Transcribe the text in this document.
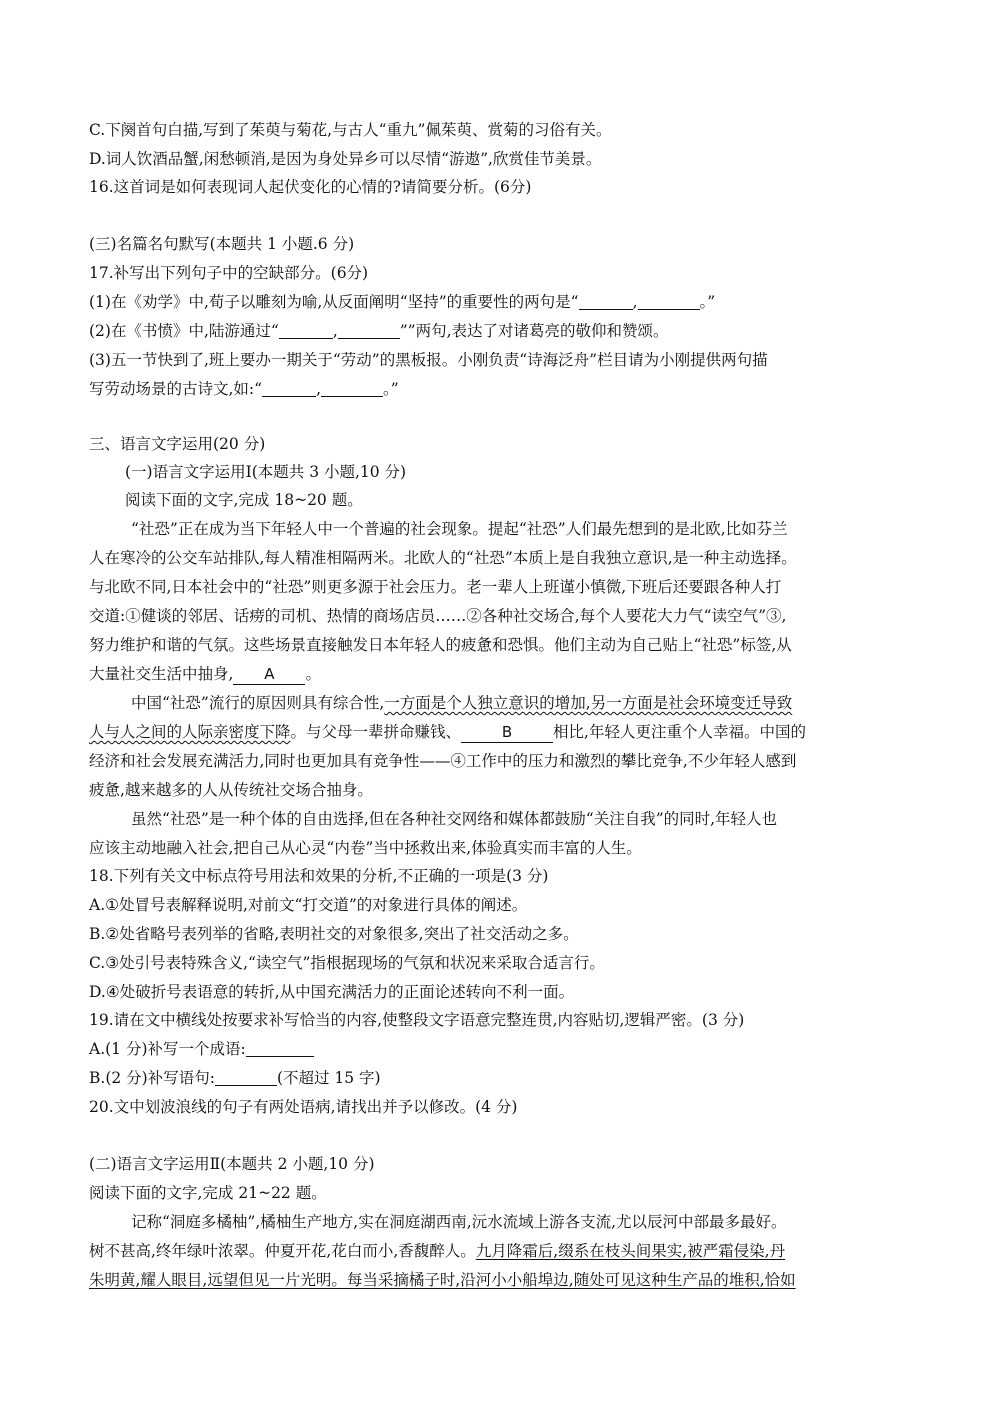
C.下阕首句白描,写到了茱萸与菊花,与古人“重九”佩茱萸、赏菊的习俗有关。
D.词人饮酒品蟹,闲愁顿消,是因为身处异乡可以尽情“游遨”,欣赏佳节美景。
16.这首词是如何表现词人起伏变化的心情的?请简要分析。(6分)
(三)名篇名句默写(本题共 1 小题.6 分)
17.补写出下列句子中的空缺部分。(6分)
(1)在《劝学》中,荀子以雕刻为喻,从反面阐明“坚持”的重要性的两句是“	,	。”
(2)在《书愤》中,陆游通过“	,	””两句,表达了对诸葛亮的敬仰和赞颂。
(3)五一节快到了,班上要办一期关于“劳动”的黑板报。小刚负责“诗海泛舟”栏目请为小刚提供两句描
写劳动场景的古诗文,如:“	,	。”
三、语言文字运用(20 分)
(一)语言文字运用Ⅰ(本题共 3 小题,10 分)
阅读下面的文字,完成 18~20 题。
“社恐”正在成为当下年轻人中一个普遍的社会现象。提起“社恐”人们最先想到的是北欧,比如芬兰
人在寒冷的公交车站排队,每人精准相隔两米。北欧人的“社恐”本质上是自我独立意识,是一种主动选择。
与北欧不同,日本社会中的“社恐”则更多源于社会压力。老一辈人上班谨小慎微,下班后还要跟各种人打
交道:①健谈的邻居、话痨的司机、热情的商场店员……②各种社交场合,每个人要花大力气“读空气”③,
努力维护和谐的气氛。这些场景直接触发日本年轻人的疲惫和恐惧。他们主动为自己贴上“社恐”标签,从
大量社交生活中抽身, A 。
中国“社恐”流行的原因则具有综合性,一方面是个人独立意识的增加,另一方面是社会环境变迁导致
人与人之间的人际亲密度下降。与父母一辈拼命赚钱、	B	相比,年轻人更注重个人幸福。中国的
经济和社会发展充满活力,同时也更加具有竞争性——④工作中的压力和激烈的攀比竞争,不少年轻人感到
疲惫,越来越多的人从传统社交场合抽身。
虽然“社恐”是一种个体的自由选择,但在各种社交网络和媒体都鼓励“关注自我”的同时,年轻人也
应该主动地融入社会,把自己从心灵“内卷”当中拯救出来,体验真实而丰富的人生。
18.下列有关文中标点符号用法和效果的分析,不正确的一项是(3 分)
A.①处冒号表解释说明,对前文“打交道”的对象进行具体的阐述。
B.②处省略号表列举的省略,表明社交的对象很多,突出了社交活动之多。
C.③处引号表特殊含义,“读空气”指根据现场的气氛和状况来采取合适言行。
D.④处破折号表语意的转折,从中国充满活力的正面论述转向不利一面。
19.请在文中横线处按要求补写恰当的内容,使整段文字语意完整连贯,内容贴切,逻辑严密。(3 分)
A.(1 分)补写一个成语:
B.(2 分)补写语句:	(不超过 15 字)
20.文中划波浪线的句子有两处语病,请找出并予以修改。(4 分)
(二)语言文字运用Ⅱ(本题共 2 小题,10 分)
阅读下面的文字,完成 21~22 题。
记称“洞庭多橘柚”,橘柚生产地方,实在洞庭湖西南,沅水流域上游各支流,尤以辰河中部最多最好。
树不甚高,终年绿叶浓翠。仲夏开花,花白而小,香馥醉人。九月降霜后,缀系在枝头间果实,被严霜侵染,丹
朱明黄,耀人眼目,远望但见一片光明。每当采摘橘子时,沿河小小船埠边,随处可见这种生产品的堆积,恰如
